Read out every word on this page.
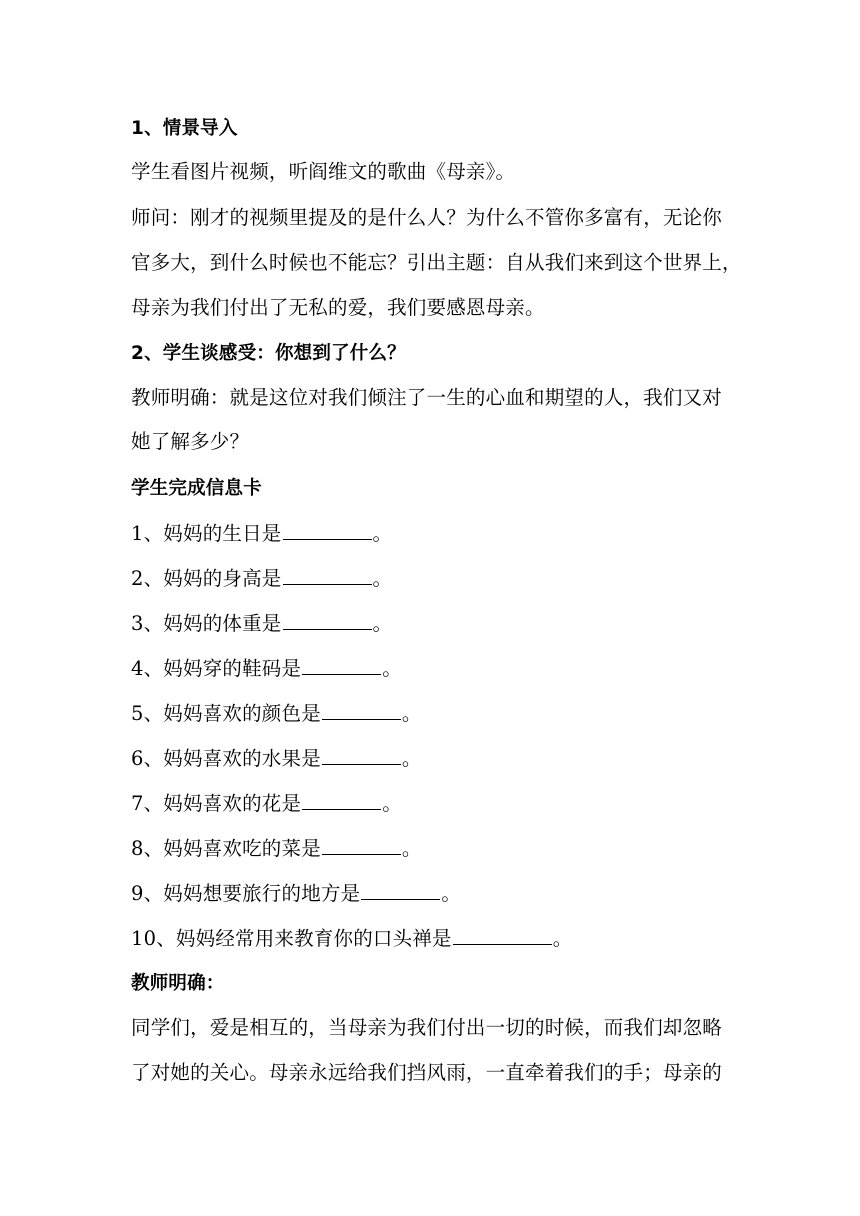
1、情景导入
学生看图片视频，听阎维文的歌曲《母亲》。
师问：刚才的视频里提及的是什么人？为什么不管你多富有，无论你
官多大，到什么时候也不能忘？引出主题：自从我们来到这个世界上，
母亲为我们付出了无私的爱，我们要感恩母亲。
2、学生谈感受：你想到了什么？
教师明确：就是这位对我们倾注了一生的心血和期望的人，我们又对
她了解多少？
学生完成信息卡
1、妈妈的生日是	。
2、妈妈的身高是	。
3、妈妈的体重是	。
4、妈妈穿的鞋码是	。
5、妈妈喜欢的颜色是	。
6、妈妈喜欢的水果是	。
7、妈妈喜欢的花是	。
8、妈妈喜欢吃的菜是	。
9、妈妈想要旅行的地方是	。
10、妈妈经常用来教育你的口头禅是	。
教师明确：
同学们，爱是相互的，当母亲为我们付出一切的时候，而我们却忽略
了对她的关心。母亲永远给我们挡风雨，一直牵着我们的手；母亲的
